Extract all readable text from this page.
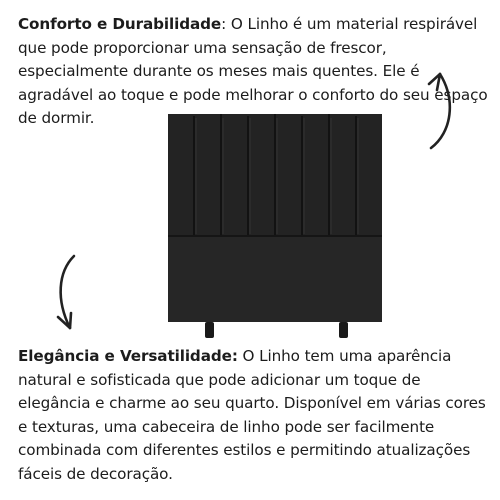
Conforto e Durabilidade: O Linho é um material respirável que pode proporcionar uma sensação de frescor, especialmente durante os meses mais quentes. Ele é agradável ao toque e pode melhorar o conforto do seu espaço de dormir.

Elegância e Versatilidade: O Linho tem uma aparência natural e sofisticada que pode adicionar um toque de elegância e charme ao seu quarto. Disponível em várias cores e texturas, uma cabeceira de linho pode ser facilmente combinada com diferentes estilos e permitindo atualizações fáceis de decoração.
